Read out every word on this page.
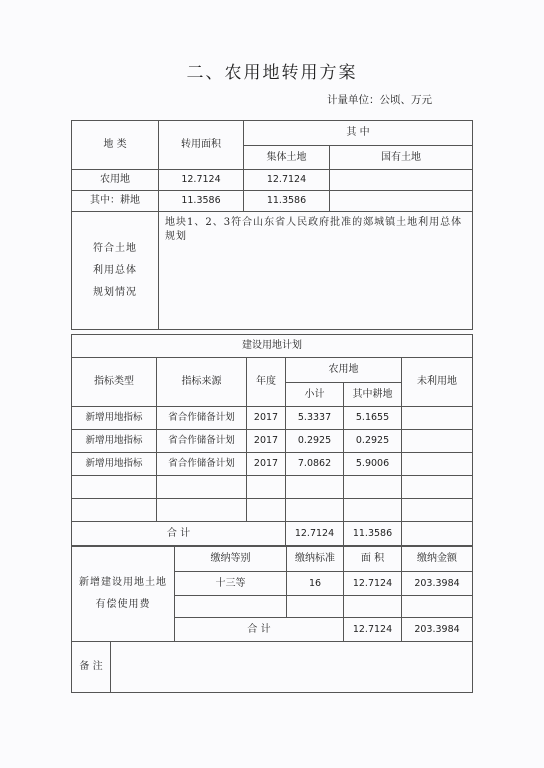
二、农用地转用方案
计量单位：公顷、万元
地 类	转用面积	其 中	
		集体土地	国有土地
农用地	12.7124	12.7124	
其中：耕地	11.3586	11.3586	

符合土地
利用总体
规划情况	地块1、2、3符合山东省人民政府批准的郯城镇土地利用总体规划		
建设用地计划					
指标类型	指标来源	年度	农用地		未利用地
			小计	其中耕地	
新增用地指标	省合作储备计划	2017	5.3337	5.1655	
新增用地指标	省合作储备计划	2017	0.2925	0.2925	
新增用地指标	省合作储备计划	2017	7.0862	5.9006	

合 计			12.7124	11.3586	
新增建设用地土地
有偿使用费	缴纳等别	缴纳标准	面 积	缴纳金额
	十三等	16	12.7124	203.3984

	合 计		12.7124	203.3984
备 注	
